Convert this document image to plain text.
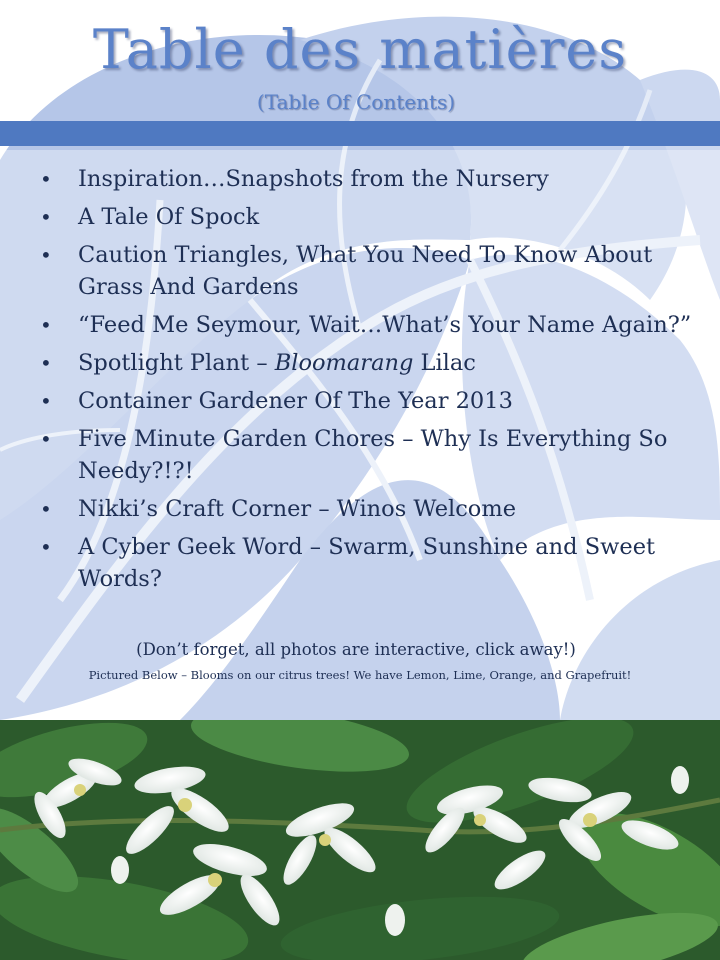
Table des matières
(Table Of Contents)
• Inspiration…Snapshots from the Nursery
• A Tale Of Spock
• Caution Triangles, What You Need To Know About Grass And Gardens
• “Feed Me Seymour, Wait…What’s Your Name Again?”
• Spotlight Plant – Bloomarang Lilac
• Container Gardener Of The Year 2013
• Five Minute Garden Chores – Why Is Everything So Needy?!?!
• Nikki’s Craft Corner – Winos Welcome
• A Cyber Geek Word – Swarm, Sunshine and Sweet Words?
(Don’t forget, all photos are interactive, click away!)
Pictured Below – Blooms on our citrus trees! We have Lemon, Lime, Orange, and Grapefruit!
